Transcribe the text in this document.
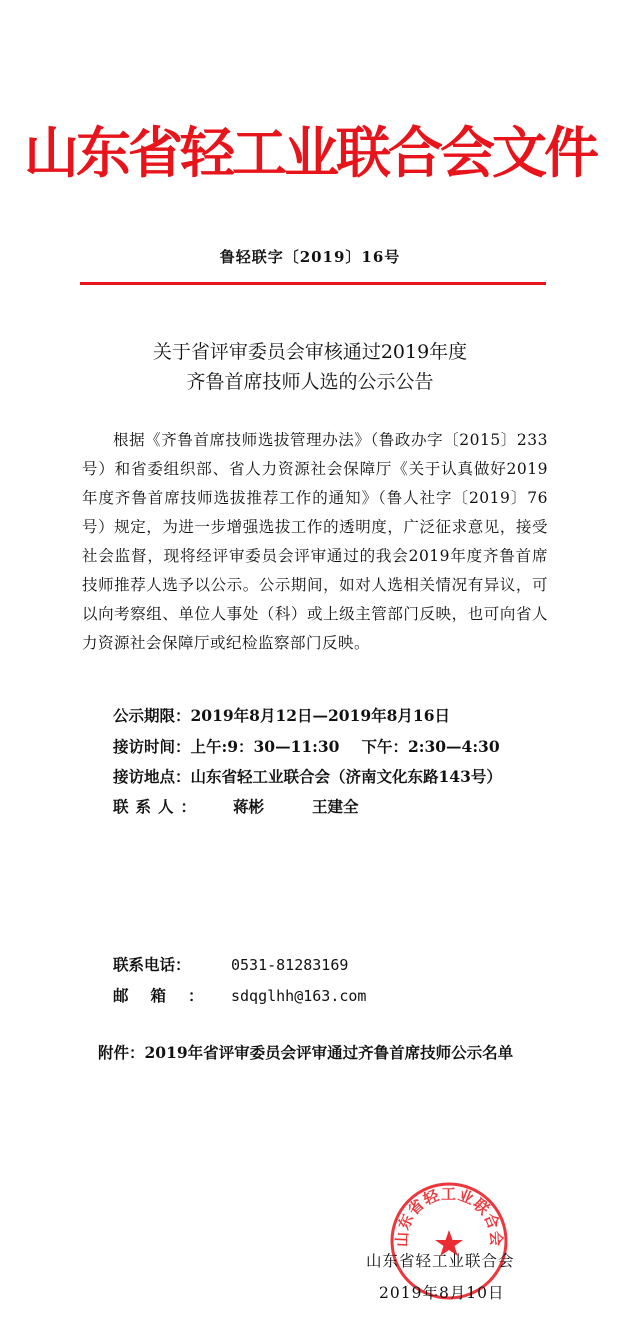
山东省轻工业联合会文件
鲁轻联字〔2019〕16号
关于省评审委员会审核通过2019年度
齐鲁首席技师人选的公示公告
根据《齐鲁首席技师选拔管理办法》（鲁政办字〔2015〕233号）和省委组织部、省人力资源社会保障厅《关于认真做好2019年度齐鲁首席技师选拔推荐工作的通知》（鲁人社字〔2019〕76号）规定，为进一步增强选拔工作的透明度，广泛征求意见，接受社会监督，现将经评审委员会评审通过的我会2019年度齐鲁首席技师推荐人选予以公示。公示期间，如对人选相关情况有异议，可以向考察组、单位人事处（科）或上级主管部门反映，也可向省人力资源社会保障厅或纪检监察部门反映。
公示期限：2019年8月12日—2019年8月16日
接访时间：上午:9：30—11:30 下午：2:30—4:30
接访地点：山东省轻工业联合会（济南文化东路143号）
联系人： 蒋彬	王建全
联系电话：	0531-81283169
邮箱： sdqglhh@163.com
附件：2019年省评审委员会评审通过齐鲁首席技师公示名单
山东省轻工业联合会
山东省轻工业联合会
2019年8月10日
